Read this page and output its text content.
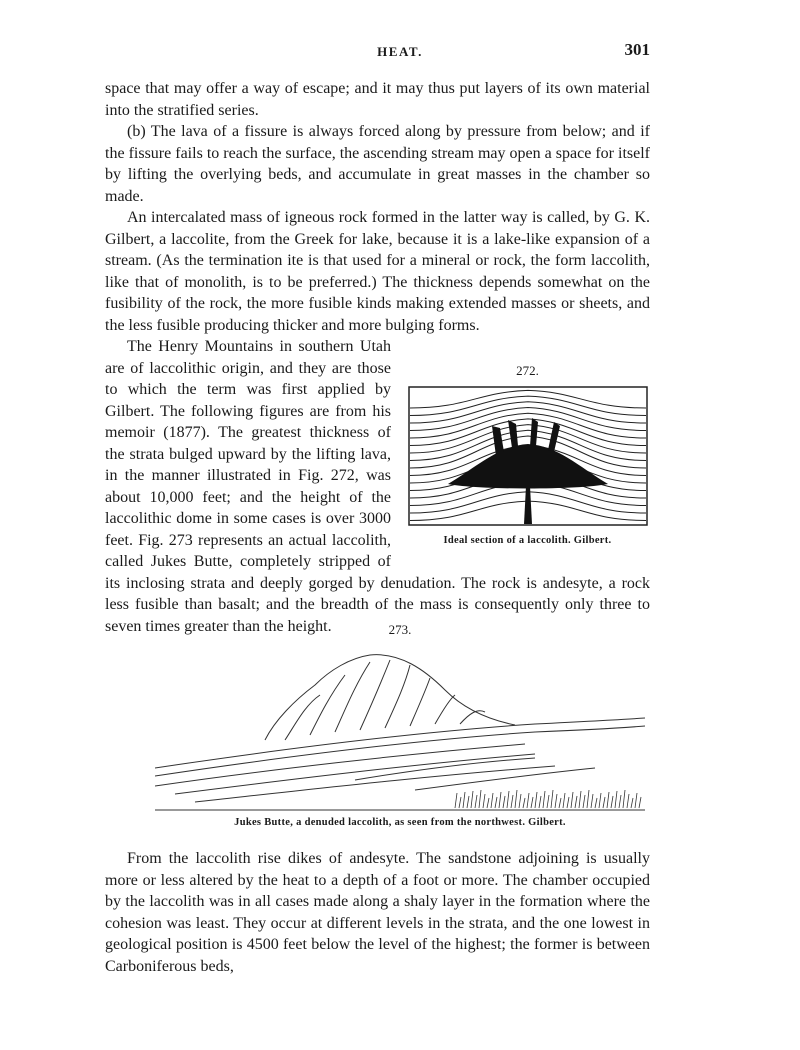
HEAT.	301

space that may offer a way of escape; and it may thus put layers of its own material into the stratified series.

(b) The lava of a fissure is always forced along by pressure from below; and if the fissure fails to reach the surface, the ascending stream may open a space for itself by lifting the overlying beds, and accumulate in great masses in the chamber so made.

An intercalated mass of igneous rock formed in the latter way is called, by G. K. Gilbert, a laccolite, from the Greek for lake, because it is a lake-like expansion of a stream. (As the termination ite is that used for a mineral or rock, the form laccolith, like that of monolith, is to be preferred.) The thickness depends somewhat on the fusibility of the rock, the more fusible kinds making extended masses or sheets, and the less fusible producing thicker and more bulging forms.

272.
Ideal section of a laccolith. Gilbert.

The Henry Mountains in southern Utah are of laccolithic origin, and they are those to which the term was first applied by Gilbert. The following figures are from his memoir (1877). The greatest thickness of the strata bulged upward by the lifting lava, in the manner illustrated in Fig. 272, was about 10,000 feet; and the height of the laccolithic dome in some cases is over 3000 feet. Fig. 273 represents an actual laccolith, called Jukes Butte, completely stripped of its inclosing strata and deeply gorged by denudation. The rock is andesyte, a rock less fusible than basalt; and the breadth of the mass is consequently only three to seven times greater than the height.	273.
Jukes Butte, a denuded laccolith, as seen from the northwest. Gilbert.

From the laccolith rise dikes of andesyte. The sandstone adjoining is usually more or less altered by the heat to a depth of a foot or more. The chamber occupied by the laccolith was in all cases made along a shaly layer in the formation where the cohesion was least. They occur at different levels in the strata, and the one lowest in geological position is 4500 feet below the level of the highest; the former is between Carboniferous beds,
